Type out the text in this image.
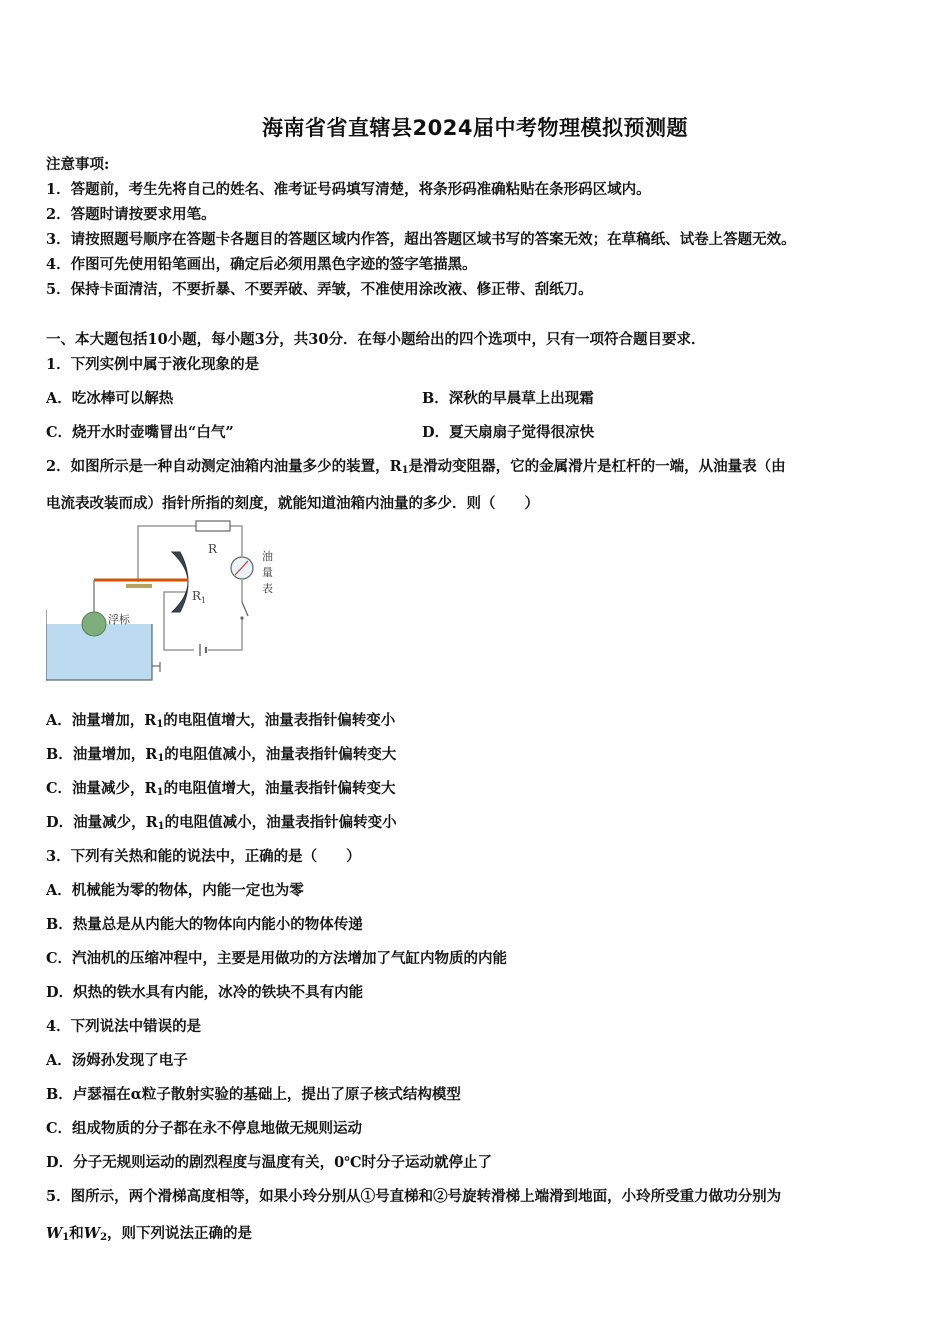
海南省省直辖县2024届中考物理模拟预测题
注意事项:
1．答题前，考生先将自己的姓名、准考证号码填写清楚，将条形码准确粘贴在条形码区域内。
2．答题时请按要求用笔。
3．请按照题号顺序在答题卡各题目的答题区域内作答，超出答题区域书写的答案无效；在草稿纸、试卷上答题无效。
4．作图可先使用铅笔画出，确定后必须用黑色字迹的签字笔描黑。
5．保持卡面清洁，不要折暴、不要弄破、弄皱，不准使用涂改液、修正带、刮纸刀。
一、本大题包括10小题，每小题3分，共30分．在每小题给出的四个选项中，只有一项符合题目要求．
1．下列实例中属于液化现象的是
A．吃冰棒可以解热	B．深秋的早晨草上出现霜
C．烧开水时壶嘴冒出“白气”	D．夏天扇扇子觉得很凉快
2．如图所示是一种自动测定油箱内油量多少的装置，$R_1$是滑动变阻器，它的金属滑片是杠杆的一端，从油量表（由
电流表改装而成）指针所指的刻度，就能知道油箱内油量的多少．则（　　）
R
油
量
表
$R_1$
浮标
A．油量增加，$R_1$的电阻值增大，油量表指针偏转变小
B．油量增加，$R_1$的电阻值减小，油量表指针偏转变大
C．油量减少，$R_1$的电阻值增大，油量表指针偏转变大
D．油量减少，$R_1$的电阻值减小，油量表指针偏转变小
3．下列有关热和能的说法中，正确的是（　　）
A．机械能为零的物体，内能一定也为零
B．热量总是从内能大的物体向内能小的物体传递
C．汽油机的压缩冲程中，主要是用做功的方法增加了气缸内物质的内能
D．炽热的铁水具有内能，冰冷的铁块不具有内能
4．下列说法中错误的是
A．汤姆孙发现了电子
B．卢瑟福在α粒子散射实验的基础上，提出了原子核式结构模型
C．组成物质的分子都在永不停息地做无规则运动
D．分子无规则运动的剧烈程度与温度有关，0℃时分子运动就停止了
5．图所示，两个滑梯高度相等，如果小玲分别从①号直梯和②号旋转滑梯上端滑到地面，小玲所受重力做功分别为
$W_1$和$W_2$，则下列说法正确的是
